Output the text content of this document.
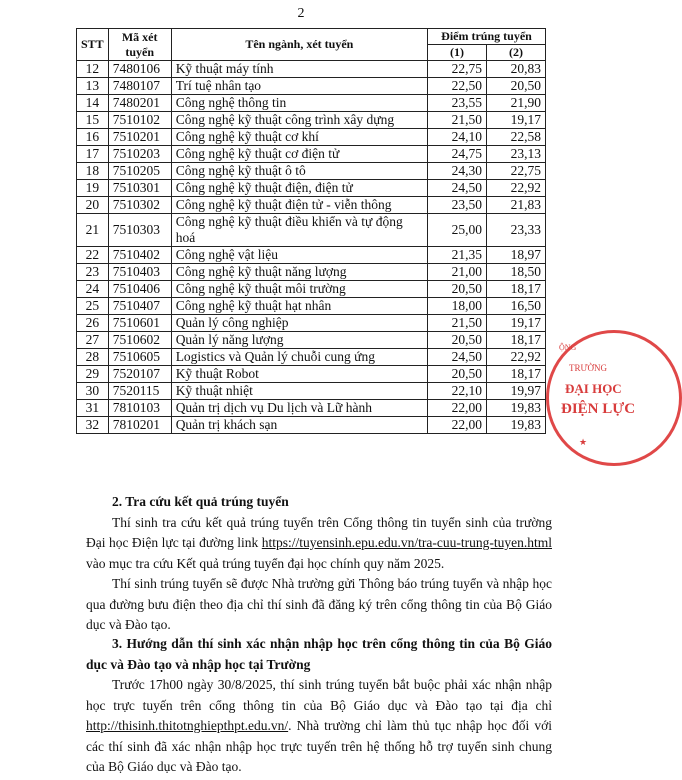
2
STT	Mã xét tuyển	Tên ngành, xét tuyển	Điểm trúng tuyển	
			(1)	(2)
12	7480106	Kỹ thuật máy tính	22,75	20,83
13	7480107	Trí tuệ nhân tạo	22,50	20,50
14	7480201	Công nghệ thông tin	23,55	21,90
15	7510102	Công nghệ kỹ thuật công trình xây dựng	21,50	19,17
16	7510201	Công nghệ kỹ thuật cơ khí	24,10	22,58
17	7510203	Công nghệ kỹ thuật cơ điện tử	24,75	23,13
18	7510205	Công nghệ kỹ thuật ô tô	24,30	22,75
19	7510301	Công nghệ kỹ thuật điện, điện tử	24,50	22,92
20	7510302	Công nghệ kỹ thuật điện tử - viễn thông	23,50	21,83
21	7510303	Công nghệ kỹ thuật điều khiển và tự động hoá	25,00	23,33
22	7510402	Công nghệ vật liệu	21,35	18,97
23	7510403	Công nghệ kỹ thuật năng lượng	21,00	18,50
24	7510406	Công nghệ kỹ thuật môi trường	20,50	18,17
25	7510407	Công nghệ kỹ thuật hạt nhân	18,00	16,50
26	7510601	Quản lý công nghiệp	21,50	19,17
27	7510602	Quản lý năng lượng	20,50	18,17
28	7510605	Logistics và Quản lý chuỗi cung ứng	24,50	22,92
29	7520107	Kỹ thuật Robot	20,50	18,17
30	7520115	Kỹ thuật nhiệt	22,10	19,97
31	7810103	Quản trị dịch vụ Du lịch và Lữ hành	22,00	19,83
32	7810201	Quản trị khách sạn	22,00	19,83

2. Tra cứu kết quả trúng tuyển

Thí sinh tra cứu kết quả trúng tuyển trên Cổng thông tin tuyển sinh của trường Đại học Điện lực tại đường link https://tuyensinh.epu.edu.vn/tra-cuu-trung-tuyen.html vào mục tra cứu Kết quả trúng tuyển đại học chính quy năm 2025.

Thí sinh trúng tuyển sẽ được Nhà trường gửi Thông báo trúng tuyển và nhập học qua đường bưu điện theo địa chỉ thí sinh đã đăng ký trên cổng thông tin của Bộ Giáo dục và Đào tạo.

3. Hướng dẫn thí sinh xác nhận nhập học trên cổng thông tin của Bộ Giáo dục và Đào tạo và nhập học tại Trường

Trước 17h00 ngày 30/8/2025, thí sinh trúng tuyển bắt buộc phải xác nhận nhập học trực tuyến trên cổng thông tin của Bộ Giáo dục và Đào tạo tại địa chỉ http://thisinh.thitotnghiepthpt.edu.vn/. Nhà trường chỉ làm thủ tục nhập học đối với các thí sinh đã xác nhận nhập học trực tuyến trên hệ thống hỗ trợ tuyển sinh chung của Bộ Giáo dục và Đào tạo.

ỘNG
TRƯỜNG
ĐẠI HỌC
ĐIỆN LỰC
★
